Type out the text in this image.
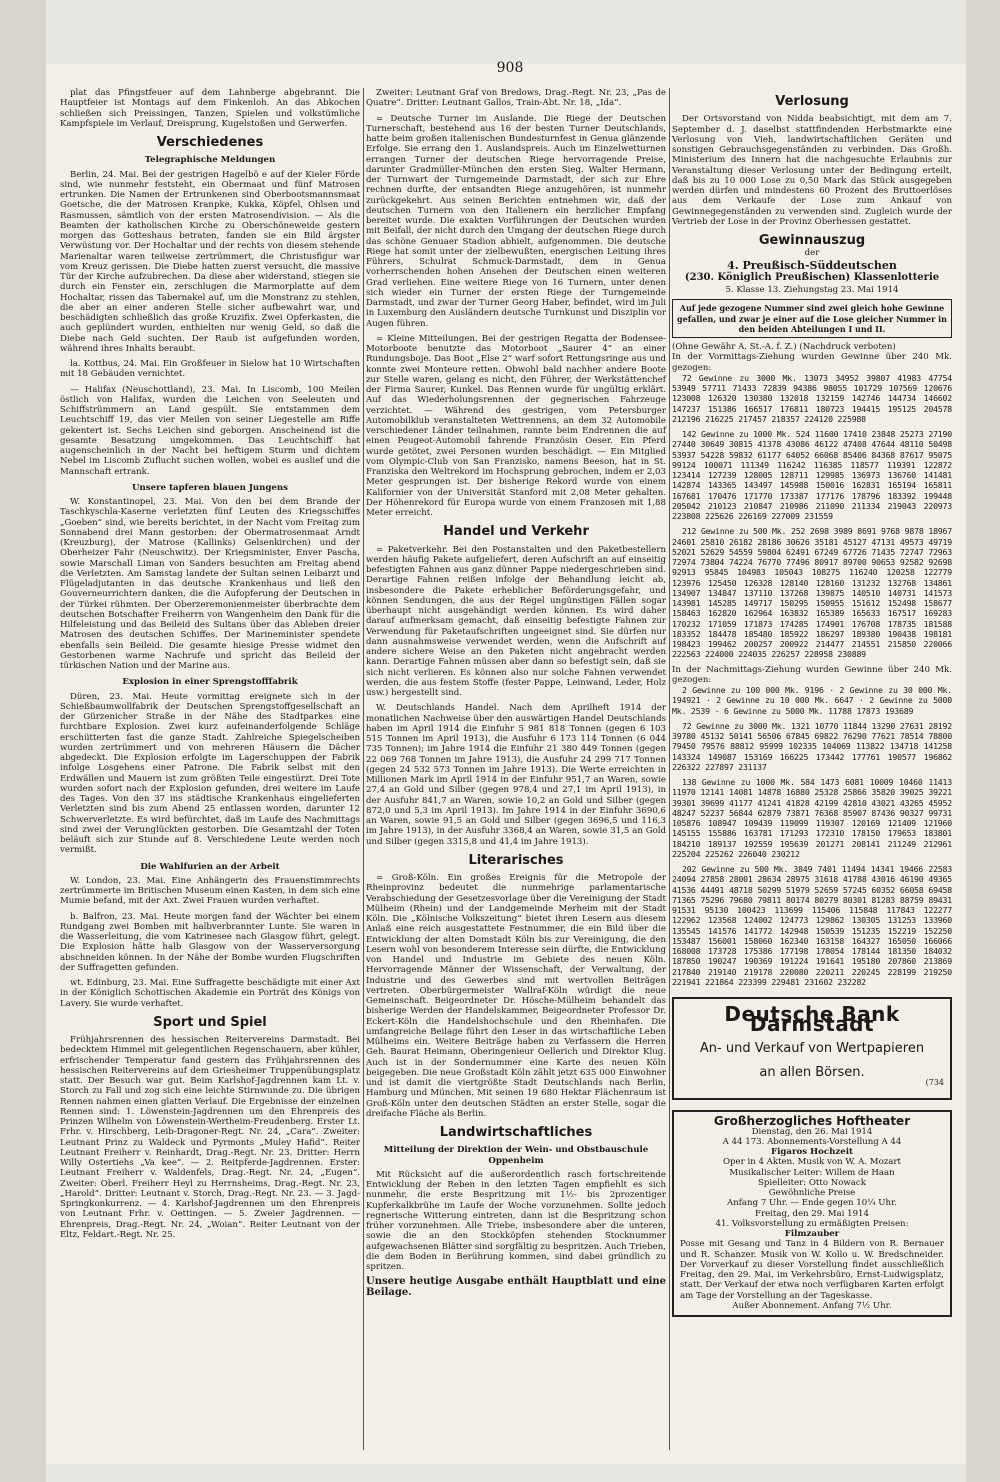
908

plat das Pfingstfeuer auf dem Lahnberge abgebrannt. Die Hauptfeier ist Montags auf dem Finkenloh. An das Abkochen schließen sich Preissingen, Tanzen, Spielen und volkstümliche Kampfspiele im Verlauf, Dreisprung, Kugelstoßen und Gerwerfen.

Verschiedenes
Telegraphische Meldungen

Berlin, 24. Mai. Bei der gestrigen Hagelbö e auf der Kieler Förde sind, wie nunmehr feststeht, ein Obermaat und fünf Matrosen ertrunken. Die Namen der Ertrunkenen sind Oberbootsmannsmaat Goetsche, die der Matrosen Kranpke, Kukka, Köpfel, Ohlsen und Rasmussen, sämtlich von der ersten Matrosendivision. — Als die Beamten der katholischen Kirche zu Oberschöneweide gestern morgen das Gotteshaus betraten, fanden sie ein Bild ärgster Verwüstung vor. Der Hochaltar und der rechts von diesem stehende Marienaltar waren teilweise zertrümmert, die Christusfigur war vom Kreuz gerissen. Die Diebe hatten zuerst versucht, die massive Tür der Kirche aufzubrechen. Da diese aber widerstand, stiegen sie durch ein Fenster ein, zerschlugen die Marmorplatte auf dem Hochaltar, rissen das Tabernakel auf, um die Monstranz zu stehlen, die aber an einer anderen Stelle sicher aufbewahrt war, und beschädigten schließlich das große Kruzifix. Zwei Opferkasten, die auch geplündert wurden, enthielten nur wenig Geld, so daß die Diebe nach Geld suchten. Der Raub ist aufgefunden worden, während ihres Inhalts beraubt.

la. Kottbus, 24. Mai. Ein Großfeuer in Sielow hat 10 Wirtschaften mit 18 Gebäuden vernichtet.

— Halifax (Neuschottland), 23. Mai. In Liscomb, 100 Meilen östlich von Halifax, wurden die Leichen von Seeleuten und Schiffstrümmern an Land gespült. Sie entstammen dem Leuchtschiff 19, das vier Meilen von seiner Liegestelle am Riffe gekentert ist. Sechs Leichen sind geborgen. Anscheinend ist die gesamte Besatzung umgekommen. Das Leuchtschiff hat augenscheinlich in der Nacht bei heftigem Sturm und dichtem Nebel im Liscomb Zuflucht suchen wollen, wobei es auslief und die Mannschaft ertrank.

Unsere tapferen blauen Jungens

W. Konstantinopel, 23. Mai. Von den bei dem Brande der Taschkyschla-Kaserne verletzten fünf Leuten des Kriegsschiffes „Goeben“ sind, wie bereits berichtet, in der Nacht vom Freitag zum Sonnabend drei Mann gestorben: der Obermatrosenmaat Arndt (Kreuzburg), der Matrose (Kallinks) Gelsenkirchen) und der Oberheizer Fahr (Neuschwitz). Der Kriegsminister, Enver Pascha, sowie Marschall Liman von Sanders besuchten am Freitag abend die Verletzten. Am Samstag landete der Sultan seinen Leibarzt und Flügeladjutanten in das deutsche Krankenhaus und ließ den Gouverneurrichtern danken, die die Aufopferung der Deutschen in der Türkei rühmten. Der Oberzeremonienmeister überbrachte dem deutschen Botschafter Freiherrn von Wangenheim den Dank für die Hilfeleistung und das Beileid des Sultans über das Ableben dreier Matrosen des deutschen Schiffes. Der Marineminister spendete ebenfalls sein Beileid. Die gesamte hiesige Presse widmet den Gestorbenen warme Nachrufe und spricht das Beileid der türkischen Nation und der Marine aus.

Explosion in einer Sprengstofffabrik

Düren, 23. Mai. Heute vormittag ereignete sich in der Schießbaumwollfabrik der Deutschen Sprengstoffgesellschaft an der Gürzenicher Straße in der Nähe des Stadtparkes eine furchtbare Explosion. Zwei kurz aufeinanderfolgende Schläge erschütterten fast die ganze Stadt. Zahlreiche Spiegelscheiben wurden zertrümmert und von mehreren Häusern die Dächer abgedeckt. Die Explosion erfolgte im Lagerschuppen der Fabrik infolge Losgehens einer Patrone. Die Fabrik selbst mit den Erdwällen und Mauern ist zum größten Teile eingestürzt. Drei Tote wurden sofort nach der Explosion gefunden, drei weitere im Laufe des Tages. Von den 37 ins städtische Krankenhaus eingelieferten Verletzten sind bis zum Abend 25 entlassen worden, darunter 12 Schwerverletzte. Es wird befürchtet, daß im Laufe des Nachmittags sind zwei der Verunglückten gestorben. Die Gesamtzahl der Toten beläuft sich zur Stunde auf 8. Verschiedene Leute werden noch vermißt.

Die Wahlfurien an der Arbeit

W. London, 23. Mai. Eine Anhängerin des Frauenstimmrechts zertrümmerte im Britischen Museum einen Kasten, in dem sich eine Mumie befand, mit der Axt. Zwei Frauen wurden verhaftet.

b. Balfron, 23. Mai. Heute morgen fand der Wächter bei einem Rundgang zwei Bomben mit halbverbrannter Lunte. Sie waren in die Wasserleitung, die vom Katrinesee nach Glasgow führt, gelegt. Die Explosion hätte halb Glasgow von der Wasserversorgung abschneiden können. In der Nähe der Bombe wurden Flugschriften der Suffragetten gefunden.

wt. Edinburg, 23. Mai. Eine Suffragette beschädigte mit einer Axt in der Königlich Schottischen Akademie ein Porträt des Königs von Lavery. Sie wurde verhaftet.

Sport und Spiel

Frühjahrsrennen des hessischen Reitervereins Darmstadt. Bei bedecktem Himmel mit gelegentlichen Regenschauern, aber kühler, erfrischender Temperatur fand gestern das Frühjahrsrennen des hessischen Reitervereins auf dem Griesheimer Truppenübungsplatz statt. Der Besuch war gut. Beim Karlshof-Jagdrennen kam Lt. v. Storch zu Fall und zog sich eine leichte Stirnwunde zu. Die übrigen Rennen nahmen einen glatten Verlauf. Die Ergebnisse der einzelnen Rennen sind: 1. Löwenstein-Jagdrennen um den Ehrenpreis des Prinzen Wilhelm von Löwenstein-Wertheim-Freudenberg. Erster Lt. Frhr. v. Hirschberg, Leib-Dragoner-Regt. Nr. 24, „Cara“. Zweiter: Leutnant Prinz zu Waldeck und Pyrmonts „Muley Hafid“. Reiter Leutnant Freiherr v. Reinhardt, Drag.-Regt. Nr. 23. Dritter: Herrn Willy Ostertiehs „Va kee“. — 2. Reitpferde-Jagdrennen. Erster: Leutnant Freiherr v. Waldenfels, Drag.-Regt. Nr. 24, „Eugen“. Zweiter: Oberl. Freiherr Heyl zu Herrnsheims, Drag.-Regt. Nr. 23, „Harold“. Dritter: Leutnant v. Storch, Drag.-Regt. Nr. 23. — 3. Jagd-Springkonkurrenz. — 4. Karlshof-Jagdrennen um den Ehrenpreis von Leutnant Frhr. v. Oettingen. — 5. Zweier Jagdrennen. — Ehrenpreis, Drag.-Regt. Nr. 24, „Woian“. Reiter Leutnant von der Eltz, Feldart.-Regt. Nr. 25.

Zweiter: Leutnant Graf von Bredows, Drag.-Regt. Nr. 23, „Pas de Quatre“. Dritter: Leutnant Gallos, Train-Abt. Nr. 18, „Ida“.

= Deutsche Turner im Auslande. Die Riege der Deutschen Turnerschaft, bestehend aus 16 der besten Turner Deutschlands, hatte beim großen italienischen Bundesturnfest in Genua glänzende Erfolge. Sie errang den 1. Auslandspreis. Auch im Einzelwetturnen errangen Turner der deutschen Riege hervorragende Preise, darunter Gradmüller-München den ersten Sieg. Walter Hermann, der Turnwart der Turngemeinde Darmstadt, der sich zur Ehre rechnen durfte, der entsandten Riege anzugehören, ist nunmehr zurückgekehrt. Aus seinen Berichten entnehmen wir, daß der deutschen Turnern von den Italienern ein herzlicher Empfang bereitet wurde. Die exakten Vorführungen der Deutschen wurden mit Beifall, der nicht durch den Umgang der deutschen Riege durch das schöne Genuaer Stadion abhielt, aufgenommen. Die deutsche Riege hat somit unter der zielbewußten, energischen Leitung ihres Führers, Schulrat Schmuck-Darmstadt, dem in Genua vorherrschenden hohen Ansehen der Deutschen einen weiteren Grad verliehen. Eine weitere Riege von 16 Turnern, unter denen sich wieder ein Turner der ersten Riege der Turngemeinde Darmstadt, und zwar der Turner Georg Haber, befindet, wird im Juli in Luxemburg den Ausländern deutsche Turnkunst und Disziplin vor Augen führen.

= Kleine Mitteilungen. Bei der gestrigen Regatta der Bodensee-Motorboote benutzte das Motorboot „Saurer 4“ an einer Rundungsboje. Das Boot „Else 2“ warf sofort Rettungsringe aus und konnte zwei Monteure retten. Obwohl bald nachher andere Boote zur Stelle waren, gelang es nicht, den Führer, der Werkstättenchef der Firma Saurer, Kunkel. Das Rennen wurde für ungültig erklärt. Auf das Wiederholungsrennen der gegnerischen Fahrzeuge verzichtet. — Während des gestrigen, vom Petersburger Automobilklub veranstalteten Wettrennens, an dem 32 Automobile verschiedener Länder teilnahmen, rannte beim Endrennen die auf einen Peugeot-Automobil fahrende Französin Oeser. Ein Pferd wurde getötet, zwei Personen wurden beschädigt. — Ein Mitglied vom Olympic-Club von San Franzisko, namens Beeson, hat in St. Franziska den Weltrekord im Hochsprung gebrochen, indem er 2,03 Meter gesprungen ist. Der bisherige Rekord wurde von einem Kalifornier von der Universität Stanford mit 2,08 Meter gehalten. Der Höhenrekord für Europa wurde von einem Franzosen mit 1,88 Meter erreicht.

Handel und Verkehr

= Paketverkehr. Bei den Postanstalten und den Paketbestellern werden häufig Pakete aufgeliefert, deren Aufschrift an auf einseitig befestigten Fahnen aus ganz dünner Pappe niedergeschrieben sind. Derartige Fahnen reißen infolge der Behandlung leicht ab, insbesondere die Pakete erheblicher Beförderungsgefahr, und können Sendungen, die aus der Regel ungünstigen Fällen sogar überhaupt nicht ausgehändigt werden können. Es wird daher darauf aufmerksam gemacht, daß einseitig befestigte Fahnen zur Verwendung für Paketaufschriften ungeeignet sind. Sie dürfen nur dann ausnahmsweise verwendet werden, wenn die Aufschrift auf andere sichere Weise an den Paketen nicht angebracht werden kann. Derartige Fahnen müssen aber dann so befestigt sein, daß sie sich nicht verlieren. Es können also nur solche Fahnen verwendet werden, die aus festem Stoffe (fester Pappe, Leinwand, Leder, Holz usw.) hergestellt sind.

W. Deutschlands Handel. Nach dem Aprilheft 1914 der monatlichen Nachweise über den auswärtigen Handel Deutschlands haben im April 1914 die Einfuhr 5 981 818 Tonnen (gegen 6 103 515 Tonnen im April 1913), die Ausfuhr 6 173 114 Tonnen (6 044 735 Tonnen); im Jahre 1914 die Einfuhr 21 380 449 Tonnen (gegen 22 069 768 Tonnen im Jahre 1913), die Ausfuhr 24 299 717 Tonnen (gegen 24 532 573 Tonnen im Jahre 1913). Die Werte erreichten in Millionen Mark im April 1914 in der Einfuhr 951,7 an Waren, sowie 27,4 an Gold und Silber (gegen 978,4 und 27,1 im April 1913), in der Ausfuhr 841,7 an Waren, sowie 10,2 an Gold und Silber (gegen 872,0 und 5,3 im April 1913). Im Jahre 1914 in der Einfuhr 3690,6 an Waren, sowie 91,5 an Gold und Silber (gegen 3696,5 und 116,3 im Jahre 1913), in der Ausfuhr 3368,4 an Waren, sowie 31,5 an Gold und Silber (gegen 3315,8 und 41,4 im Jahre 1913).

Literarisches

= Groß-Köln. Ein großes Ereignis für die Metropole der Rheinprovinz bedeutet die nunmehrige parlamentarische Verabschiedung der Gesetzesvorlage über die Vereinigung der Stadt Mülheim (Rhein) und der Landgemeinde Merheim mit der Stadt Köln. Die „Kölnische Volkszeitung“ bietet ihren Lesern aus diesem Anlaß eine reich ausgestattete Festnummer, die ein Bild über die Entwicklung der alten Domstadt Köln bis zur Vereinigung, die den Lesern wohl von besonderem Interesse sein dürfte, die Entwicklung von Handel und Industrie im Gebiete des neuen Köln. Hervorragende Männer der Wissenschaft, der Verwaltung, der Industrie und des Gewerbes sind mit wertvollen Beiträgen vertreten. Oberbürgermeister Wallraf-Köln würdigt die neue Gemeinschaft. Beigeordneter Dr. Hösche-Mülheim behandelt das bisherige Werden der Handelskammer, Beigeordneter Professor Dr. Eckert-Köln die Handelshochschule und den Rheinhafen. Die umfangreiche Beilage führt den Leser in das wirtschaftliche Leben Mülheims ein. Weitere Beiträge haben zu Verfassern die Herren Geh. Baurat Heimann, Oberingenieur Oellerich und Direktor Klug. Auch ist in der Sondernummer eine Karte des neuen Köln beigegeben. Die neue Großstadt Köln zählt jetzt 635 000 Einwohner und ist damit die viertgrößte Stadt Deutschlands nach Berlin, Hamburg und München. Mit seinen 19 680 Hektar Flächenraum ist Groß-Köln unter den deutschen Städten an erster Stelle, sogar die dreifache Fläche als Berlin.

Landwirtschaftliches
Mitteilung der Direktion der Wein- und Obstbauschule Oppenheim

Mit Rücksicht auf die außerordentlich rasch fortschreitende Entwicklung der Reben in den letzten Tagen empfiehlt es sich nunmehr, die erste Bespritzung mit 1½- bis 2prozentiger Kupferkalkbrühe im Laufe der Woche vorzunehmen. Sollte jedoch regnerische Witterung eintreten, dann ist die Bespritzung schon früher vorzunehmen. Alle Triebe, insbesondere aber die unteren, sowie die an den Stockköpfen stehenden Stocknummer aufgewachsenen Blätter sind sorgfältig zu bespritzen. Auch Trieben, die dem Boden in Berührung kommen, sind dabei gründlich zu spritzen.

Unsere heutige Ausgabe enthält Hauptblatt und eine Beilage.

Verlosung

Der Ortsvorstand von Nidda beabsichtigt, mit dem am 7. September d. J. daselbst stattfindenden Herbstmarkte eine Verlosung von Vieh, landwirtschaftlichen Geräten und sonstigen Gebrauchsgegenständen zu verbinden. Das Großh. Ministerium des Innern hat die nachgesuchte Erlaubnis zur Veranstaltung dieser Verlosung unter der Bedingung erteilt, daß bis zu 10 000 Lose zu 0,50 Mark das Stück ausgegeben werden dürfen und mindestens 60 Prozent des Bruttoerlöses aus dem Verkaufe der Lose zum Ankauf von Gewinnegegenständen zu verwenden sind. Zugleich wurde der Vertrieb der Lose in der Provinz Oberhessen gestattet.

Gewinnauszug
der
4. Preußisch-Süddeutschen
(230. Königlich Preußischen) Klassenlotterie
5. Klasse 13. Ziehungstag 23. Mai 1914
Auf jede gezogene Nummer sind zwei gleich hohe Gewinne gefallen, und zwar je einer auf die Lose gleicher Nummer in den beiden Abteilungen I und II.
(Ohne Gewähr A. St.-A. f. Z.) (Nachdruck verboten)
In der Vormittags-Ziehung wurden Gewinne über 240 Mk. gezogen:

72 Gewinne zu 3000 Mk. 13073 34952 39807 41983 47754 53949 57711 71433 72839 94386 98055 101729 107569 120676 123008 126320 130380 132018 132159 142746 144734 146602 147237 151386 166517 176811 180723 194415 195125 204578 212196 216225 217457 218357 224120 225988

142 Gewinne zu 1000 Mk. 524 11600 17410 23848 25273 27190 27440 30649 30815 41378 43086 46122 47408 47644 48110 50498 53937 54228 59832 61177 64052 66068 85406 84368 87617 95075 99124 100071 111349 116242 116385 118577 119391 122872 123414 127239 128005 128711 129985 136973 136760 141481 142874 143365 143497 145988 150016 162831 165194 165811 167681 170476 171770 173387 177176 178796 183392 199448 205042 210123 210847 210986 211090 211334 219043 220973 223808 225626 226169 227009 231559

212 Gewinne zu 500 Mk. 252 2698 3989 8691 9768 9878 18967 24601 25810 26182 28186 30626 35181 45127 47131 49573 49719 52021 52629 54559 59804 62491 67249 67726 71435 72747 72963 72974 73804 74224 76770 77496 80917 89700 90653 92582 92698 92913 95845 104983 105043 108275 116240 120258 122779 123976 125450 126328 128140 128160 131232 132768 134861 134907 134847 137110 137268 139875 140510 140731 141573 143981 145285 149717 150295 150955 151612 152498 158677 158463 162820 162964 163832 165389 165633 167517 169283 170232 171059 171873 174285 174901 176708 178735 181588 183352 184478 185480 185922 186297 189380 190438 198181 198423 199462 200257 200922 214477 214551 215850 220066 222563 224000 224035 226257 228958 230889

In der Nachmittags-Ziehung wurden Gewinne über 240 Mk. gezogen:

2 Gewinne zu 100 000 Mk. 9196 · 2 Gewinne zu 30 000 Mk. 194921 · 2 Gewinne zu 10 000 Mk. 6647 · 2 Gewinne zu 5000 Mk. 2539 · 6 Gewinne zu 5000 Mk. 11788 17873 193689

72 Gewinne zu 3000 Mk. 1321 10770 11844 13290 27631 28192 39780 45132 50141 56506 67845 69822 76290 77621 78514 78800 79450 79576 88812 95999 102335 104069 113822 134718 141258 143324 149087 153169 166225 173442 177761 190577 196862 226322 227897 231137

138 Gewinne zu 1000 Mk. 584 1473 6081 10009 10460 11413 11970 12141 14081 14878 16880 25328 25866 35820 39025 39221 39301 39699 41177 41241 41828 42199 42810 43021 43265 45952 48247 52237 56844 62879 73871 76368 85907 87436 90327 99731 105876 108947 109439 119099 119307 120169 121409 121960 145155 155886 163781 171293 172310 178150 179653 183801 184210 189137 192559 195639 201271 208141 211249 212961 225204 225262 226040 230212

202 Gewinne zu 500 Mk. 3849 7401 11494 14341 19466 22583 24094 27858 28001 28634 28975 31618 41788 43016 46190 49365 41536 44491 48718 50299 51979 52659 57245 60352 66058 69458 71365 75296 79680 79811 80174 80279 80301 81283 88759 89431 91531 95130 100423 113699 115406 115848 117843 122277 122962 123568 124002 124773 129862 130305 131253 133960 135545 141576 141772 142948 150539 151235 152219 152250 153487 156001 158060 162340 163158 164327 165050 166066 168008 173728 175386 177198 178054 178144 181350 184032 187850 190247 190369 191224 191641 195180 207860 213869 217840 219140 219178 220080 220211 220245 228199 219250 221941 221864 223399 229481 231602 232282

Deutsche Bank Darmstadt
An- und Verkauf von Wertpapieren
an allen Börsen.
(734
Großherzogliches Hoftheater
Dienstag, den 26. Mai 1914
A 44 173. Abonnements-Vorstellung A 44
Figaros Hochzeit
Oper in 4 Akten. Musik von W. A. Mozart
Musikalischer Leiter: Willem de Haan
Spielleiter: Otto Nowack
Gewöhnliche Preise
Anfang 7 Uhr. — Ende gegen 10¼ Uhr.
Freitag, den 29. Mai 1914
41. Volksvorstellung zu ermäßigten Preisen:
Filmzauber
Posse mit Gesang und Tanz in 4 Bildern von R. Bernauer und R. Schanzer. Musik von W. Kollo u. W. Bredschneider. Der Vorverkauf zu dieser Vorstellung findet ausschließlich Freitag, den 29. Mai, im Verkehrsbüro, Ernst-Ludwigsplatz, statt. Der Verkauf der etwa noch verfügbaren Karten erfolgt am Tage der Vorstellung an der Tageskasse.
Außer Abonnement. Anfang 7½ Uhr.
